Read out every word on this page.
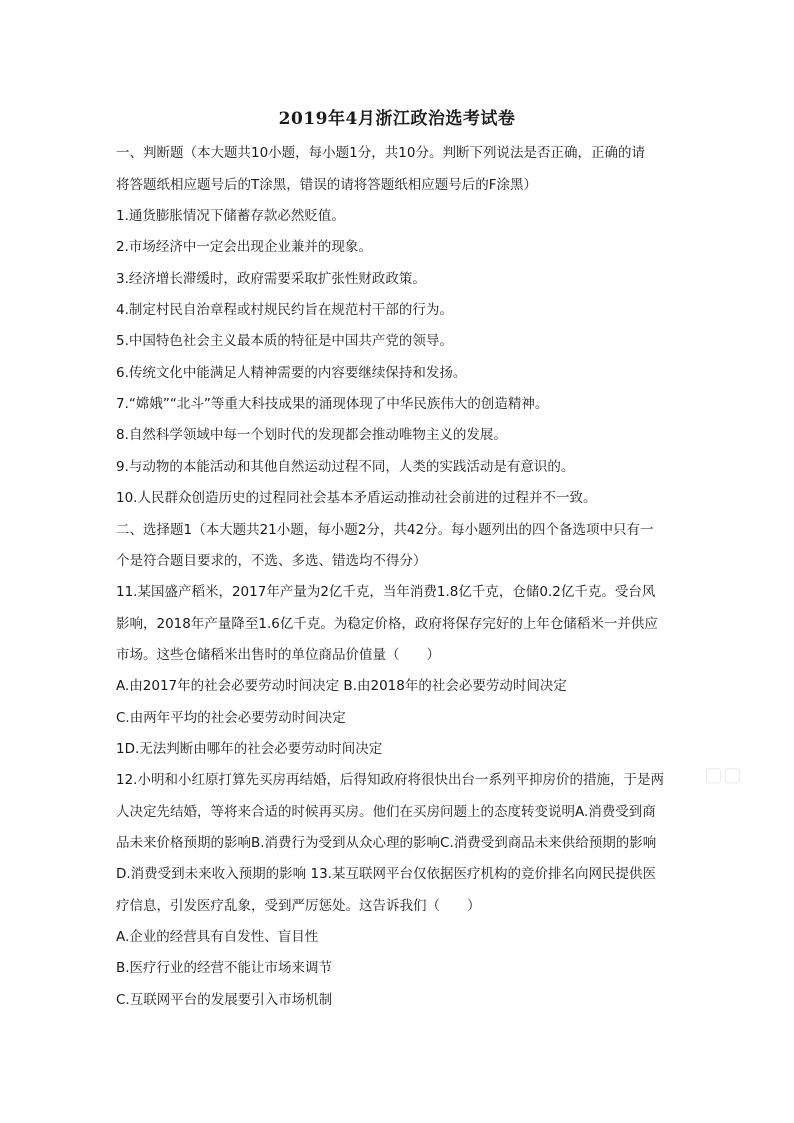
2019年4月浙江政治选考试卷
一、判断题（本大题共10小题，每小题1分，共10分。判断下列说法是否正确，正确的请
将答题纸相应题号后的T涂黑，错误的请将答题纸相应题号后的F涂黑）
1.通货膨胀情况下储蓄存款必然贬值。
2.市场经济中一定会出现企业兼并的现象。
3.经济增长滞缓时，政府需要采取扩张性财政政策。
4.制定村民自治章程或村规民约旨在规范村干部的行为。
5.中国特色社会主义最本质的特征是中国共产党的领导。
6.传统文化中能满足人精神需要的内容要继续保持和发扬。
7.“嫦娥”“北斗”等重大科技成果的涌现体现了中华民族伟大的创造精神。
8.自然科学领域中每一个划时代的发现都会推动唯物主义的发展。
9.与动物的本能活动和其他自然运动过程不同，人类的实践活动是有意识的。
10.人民群众创造历史的过程同社会基本矛盾运动推动社会前进的过程并不一致。
二、选择题1（本大题共21小题，每小题2分，共42分。每小题列出的四个备选项中只有一
个是符合题目要求的，不选、多选、错选均不得分）
11.某国盛产稻米，2017年产量为2亿千克，当年消费1.8亿千克，仓储0.2亿千克。受台风
影响，2018年产量降至1.6亿千克。为稳定价格，政府将保存完好的上年仓储稻米一并供应
市场。这些仓储稻米出售时的单位商品价值量（　　）
A.由2017年的社会必要劳动时间决定 B.由2018年的社会必要劳动时间决定
C.由两年平均的社会必要劳动时间决定
1D.无法判断由哪年的社会必要劳动时间决定
12.小明和小红原打算先买房再结婚，后得知政府将很快出台一系列平抑房价的措施，于是两
人决定先结婚，等将来合适的时候再买房。他们在买房问题上的态度转变说明A.消费受到商
品未来价格预期的影响B.消费行为受到从众心理的影响C.消费受到商品未来供给预期的影响
D.消费受到未来收入预期的影响 13.某互联网平台仅依据医疗机构的竞价排名向网民提供医
疗信息，引发医疗乱象，受到严厉惩处。这告诉我们（　　）
A.企业的经营具有自发性、盲目性
B.医疗行业的经营不能让市场来调节
C.互联网平台的发展要引入市场机制
▢▢
